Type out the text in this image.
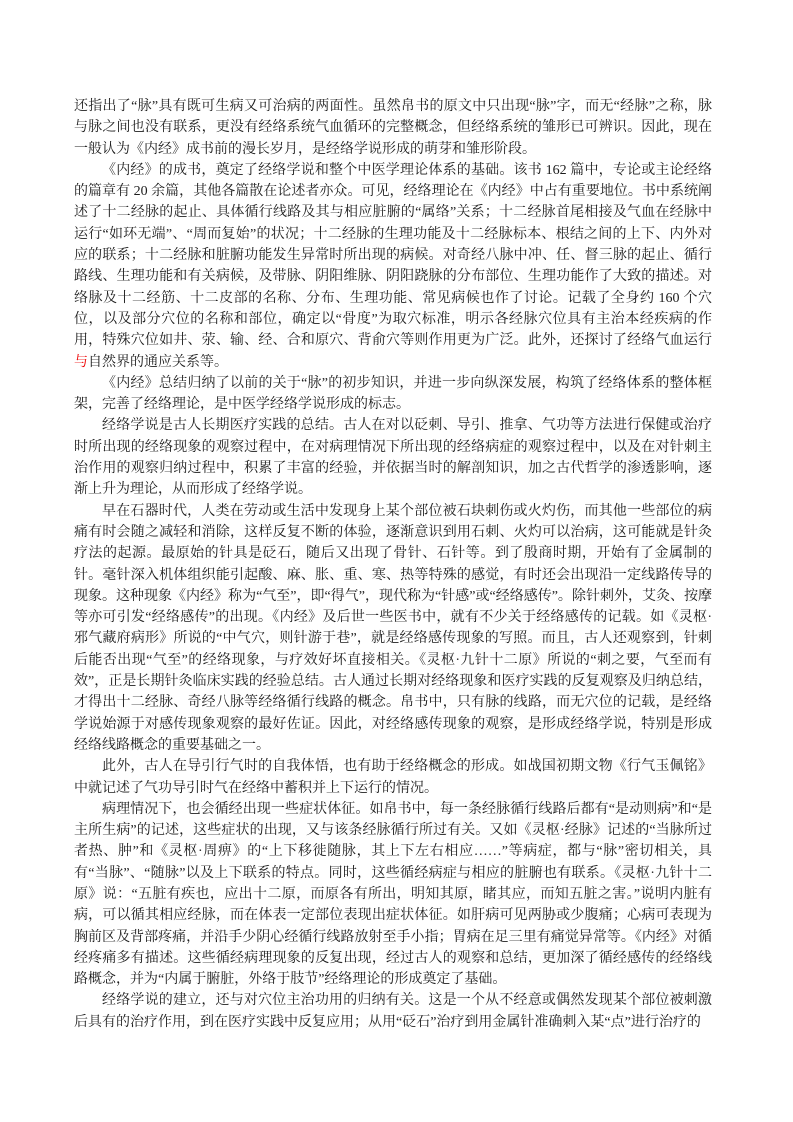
还指出了“脉”具有既可生病又可治病的两面性。虽然帛书的原文中只出现“脉”字，而无“经脉”之称，脉与脉之间也没有联系，更没有经络系统气血循环的完整概念，但经络系统的雏形已可辨识。因此，现在一般认为《内经》成书前的漫长岁月，是经络学说形成的萌芽和雏形阶段。

《内经》的成书，奠定了经络学说和整个中医学理论体系的基础。该书 162 篇中，专论或主论经络的篇章有 20 余篇，其他各篇散在论述者亦众。可见，经络理论在《内经》中占有重要地位。书中系统阐述了十二经脉的起止、具体循行线路及其与相应脏腑的“属络”关系；十二经脉首尾相接及气血在经脉中运行“如环无端”、“周而复始”的状况；十二经脉的生理功能及十二经脉标本、根结之间的上下、内外对应的联系；十二经脉和脏腑功能发生异常时所出现的病候。对奇经八脉中冲、任、督三脉的起止、循行路线、生理功能和有关病候，及带脉、阴阳维脉、阴阳跷脉的分布部位、生理功能作了大致的描述。对络脉及十二经筋、十二皮部的名称、分布、生理功能、常见病候也作了讨论。记载了全身约 160 个穴位，以及部分穴位的名称和部位，确定以“骨度”为取穴标准，明示各经脉穴位具有主治本经疾病的作用，特殊穴位如井、荥、输、经、合和原穴、背俞穴等则作用更为广泛。此外，还探讨了经络气血运行与自然界的通应关系等。

《内经》总结归纳了以前的关于“脉”的初步知识，并进一步向纵深发展，构筑了经络体系的整体框架，完善了经络理论，是中医学经络学说形成的标志。

经络学说是古人长期医疗实践的总结。古人在对以砭刺、导引、推拿、气功等方法进行保健或治疗时所出现的经络现象的观察过程中，在对病理情况下所出现的经络病症的观察过程中，以及在对针刺主治作用的观察归纳过程中，积累了丰富的经验，并依据当时的解剖知识，加之古代哲学的渗透影响，逐渐上升为理论，从而形成了经络学说。

早在石器时代，人类在劳动或生活中发现身上某个部位被石块刺伤或火灼伤，而其他一些部位的病痛有时会随之减轻和消除，这样反复不断的体验，逐渐意识到用石刺、火灼可以治病，这可能就是针灸疗法的起源。最原始的针具是砭石，随后又出现了骨针、石针等。到了殷商时期，开始有了金属制的针。毫针深入机体组织能引起酸、麻、胀、重、寒、热等特殊的感觉，有时还会出现沿一定线路传导的现象。这种现象《内经》称为“气至”，即“得气”，现代称为“针感”或“经络感传”。除针刺外，艾灸、按摩等亦可引发“经络感传”的出现。《内经》及后世一些医书中，就有不少关于经络感传的记载。如《灵枢·邪气藏府病形》所说的“中气穴，则针游于巷”，就是经络感传现象的写照。而且，古人还观察到，针刺后能否出现“气至”的经络现象，与疗效好坏直接相关。《灵枢·九针十二原》所说的“刺之要，气至而有效”，正是长期针灸临床实践的经验总结。古人通过长期对经络现象和医疗实践的反复观察及归纳总结，才得出十二经脉、奇经八脉等经络循行线路的概念。帛书中，只有脉的线路，而无穴位的记载，是经络学说始源于对感传现象观察的最好佐证。因此，对经络感传现象的观察，是形成经络学说，特别是形成经络线路概念的重要基础之一。

此外，古人在导引行气时的自我体悟，也有助于经络概念的形成。如战国初期文物《行气玉佩铭》中就记述了气功导引时气在经络中蓄积并上下运行的情况。

病理情况下，也会循经出现一些症状体征。如帛书中，每一条经脉循行线路后都有“是动则病”和“是主所生病”的记述，这些症状的出现，又与该条经脉循行所过有关。又如《灵枢·经脉》记述的“当脉所过者热、肿”和《灵枢·周痹》的“上下移徙随脉，其上下左右相应……”等病症，都与“脉”密切相关，具有“当脉”、“随脉”以及上下联系的特点。同时，这些循经病症与相应的脏腑也有联系。《灵枢·九针十二原》说：“五脏有疾也，应出十二原，而原各有所出，明知其原，睹其应，而知五脏之害。”说明内脏有病，可以循其相应经脉，而在体表一定部位表现出症状体征。如肝病可见两胁或少腹痛；心病可表现为胸前区及背部疼痛，并沿手少阴心经循行线路放射至手小指；胃病在足三里有痛觉异常等。《内经》对循经疼痛多有描述。这些循经病理现象的反复出现，经过古人的观察和总结，更加深了循经感传的经络线路概念，并为“内属于腑脏，外络于肢节”经络理论的形成奠定了基础。

经络学说的建立，还与对穴位主治功用的归纳有关。这是一个从不经意或偶然发现某个部位被刺激后具有的治疗作用，到在医疗实践中反复应用；从用“砭石”治疗到用金属针准确刺入某“点”进行治疗的
